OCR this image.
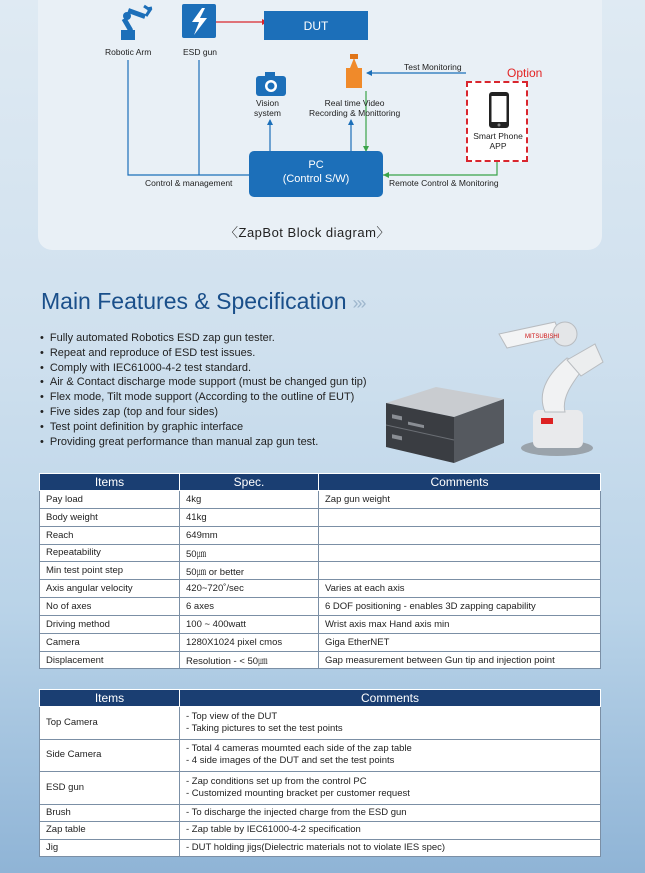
Robotic Arm	ESD gun
DUT
Vision
system
Real time Video
Recording & Monittoring
Test Monitoring	Option
Smart Phone
APP
PC
(Control S/W)
Control & management	Remote Control & Monitoring
〈ZapBot Block diagram〉
Main Features & Specification ›››
• Fully automated Robotics ESD zap gun tester.
• Repeat and reproduce of ESD test issues.
• Comply with IEC61000-4-2 test standard.
• Air & Contact discharge mode support (must be changed gun tip)
• Flex mode, Tilt mode support (According to the outline of EUT)
• Five sides zap (top and four sides)
• Test point definition by graphic interface
• Providing great performance than manual zap gun test.
MITSUBISHI
Items	Spec.	Comments
Pay load	4kg	Zap gun weight
Body weight	41kg	
Reach	649mm	
Repeatability	50㎛	
Min test point step	50㎛ or better	
Axis angular velocity	420~720˚/sec	Varies at each axis
No of axes	6 axes	6 DOF positioning - enables 3D zapping capability
Driving method	100 ~ 400watt	Wrist axis max Hand axis min
Camera	1280X1024 pixel cmos	Giga EtherNET
Displacement	Resolution - < 50㎛	Gap measurement between Gun tip and injection point
Items	Comments
Top Camera	- Top view of the DUT
- Taking pictures to set the test points

Side Camera	- Total 4 cameras moumted each side of the zap table
- 4 side images of the DUT and set the test points

ESD gun	- Zap conditions set up from the control PC
- Customized mounting bracket per customer request

Brush	- To discharge the injected charge from the ESD gun
Zap table	- Zap table by IEC61000-4-2 specification
Jig	- DUT holding jigs(Dielectric materials not to violate IES spec)
